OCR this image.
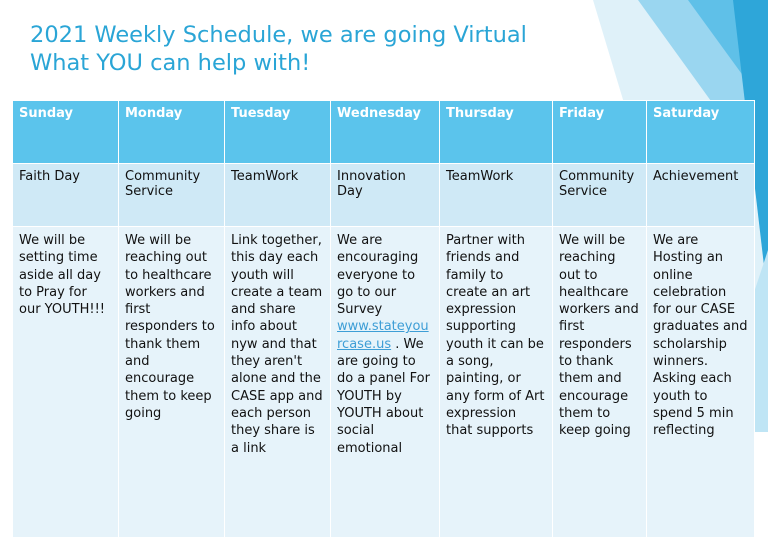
2021 Weekly Schedule, we are going Virtual
What YOU can help with!
Sunday	Monday	Tuesday	Wednesday	Thursday	Friday	Saturday
Faith Day	Community Service	TeamWork	Innovation Day	TeamWork	Community Service	Achievement
We will be setting time aside all day to Pray for our YOUTH!!!	We will be reaching out to healthcare workers and first responders to thank them and encourage them to keep going	Link together, this day each youth will create a team and share info about nyw and that they aren't alone and the CASE app and each person they share is a link	We are encouraging everyone to go to our Survey www.stateyourcase.us . We are going to do a panel For YOUTH by YOUTH about social emotional	Partner with friends and family to create an art expression supporting youth it can be a song, painting, or any form of Art expression that supports	We will be reaching out to healthcare workers and first responders to thank them and encourage them to keep going	We are Hosting an online celebration for our CASE graduates and scholarship winners. Asking each youth to spend 5 min reflecting
